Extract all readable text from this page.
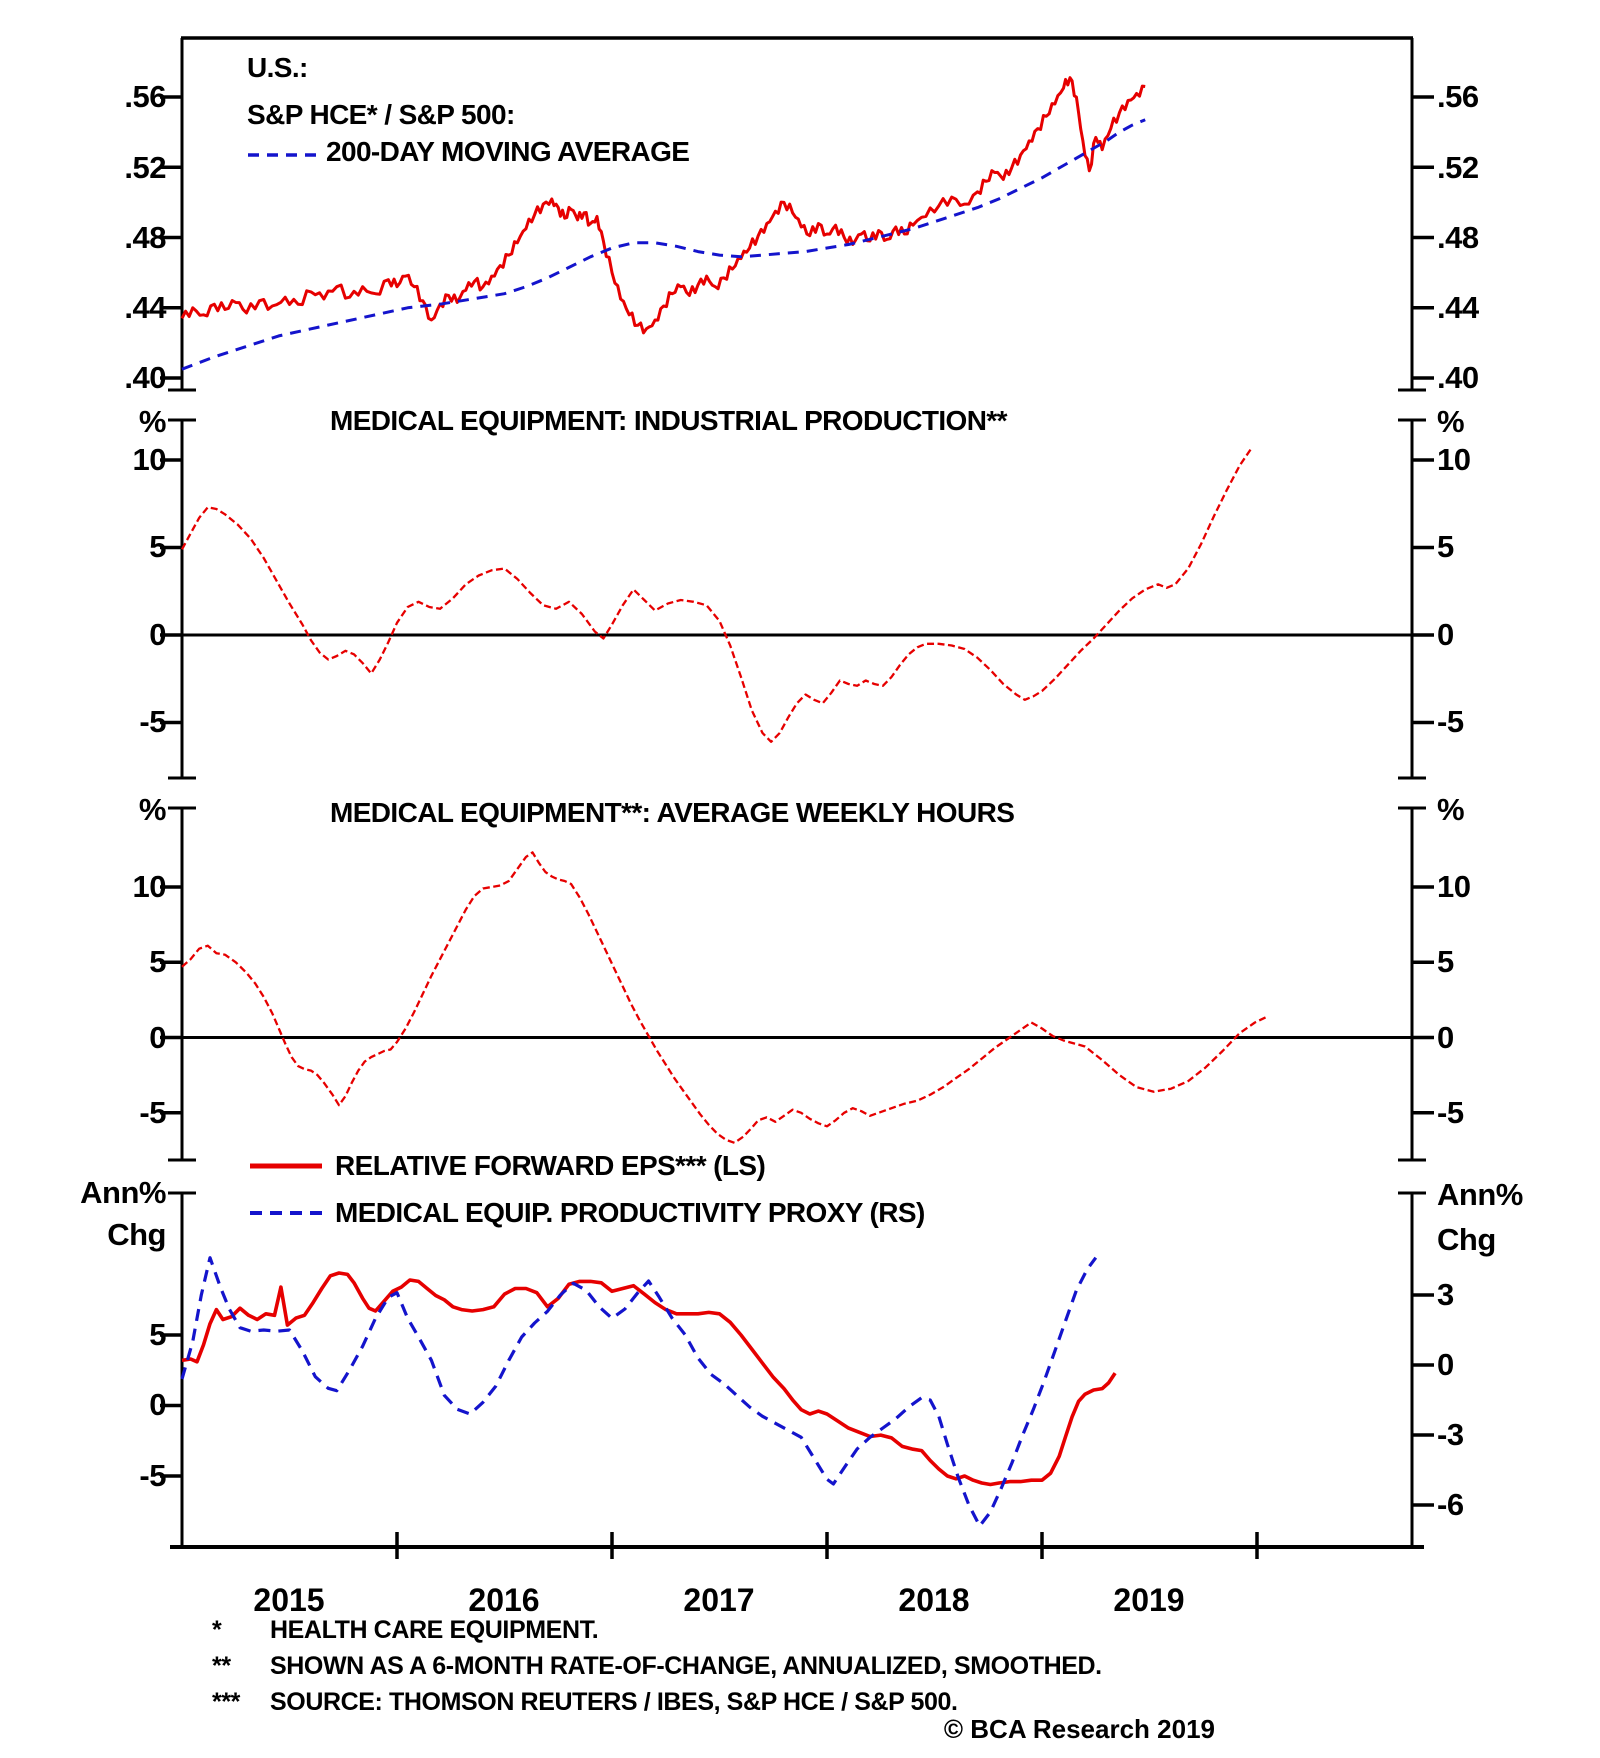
U.S.:
S&P HCE* / S&P 500:
200-DAY MOVING AVERAGE
.56
.52
.48
.44
.40
.56
.52
.48
.44
.40
MEDICAL EQUIPMENT: INDUSTRIAL PRODUCTION**
%	%
10
5
0
-5
10
5
0
-5
MEDICAL EQUIPMENT**: AVERAGE WEEKLY HOURS
%	%
10
5
0
-5
10
5
0
-5
RELATIVE FORWARD EPS*** (LS)
MEDICAL EQUIP. PRODUCTIVITY PROXY (RS)
Ann%
Chg
Ann%
Chg
5
0
-5
3
0
-3
-6
2015	2016	2017	2018	2019
*	HEALTH CARE EQUIPMENT.
**	SHOWN AS A 6-MONTH RATE-OF-CHANGE, ANNUALIZED, SMOOTHED.
***	SOURCE: THOMSON REUTERS / IBES, S&P HCE / S&P 500.
© BCA Research 2019
